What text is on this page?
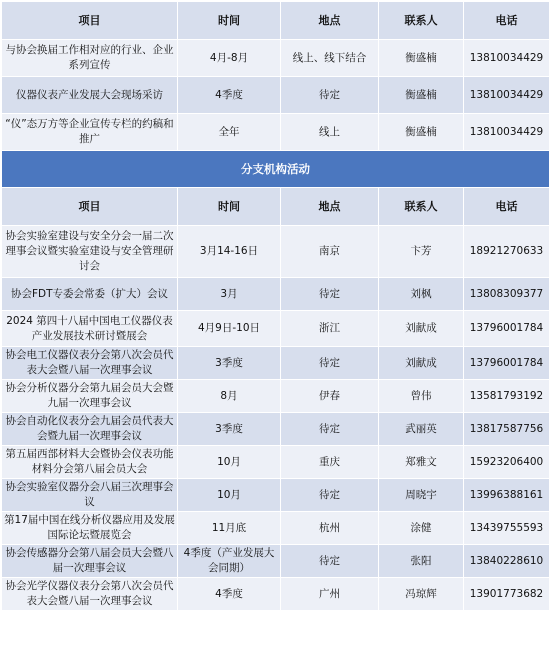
项目	时间	地点	联系人	电话
与协会换届工作相对应的行业、企业系列宣传	4月-8月	线上、线下结合	衡盛楠	13810034429
仪器仪表产业发展大会现场采访	4季度	待定	衡盛楠	13810034429
“仪”态万方等企业宣传专栏的约稿和推广	全年	线上	衡盛楠	13810034429
分支机构活动				
项目	时间	地点	联系人	电话
协会实验室建设与安全分会一届二次理事会议暨实验室建设与安全管理研讨会	3月14-16日	南京	卞芳	18921270633
协会FDT专委会常委（扩大）会议	3月	待定	刘枫	13808309377
2024 第四十八届中国电工仪器仪表产业发展技术研讨暨展会	4月9日-10日	浙江	刘献成	13796001784
协会电工仪器仪表分会第八次会员代表大会暨八届一次理事会议	3季度	待定	刘献成	13796001784
协会分析仪器分会第九届会员大会暨九届一次理事会议	8月	伊春	曾伟	13581793192
协会自动化仪表分会九届会员代表大会暨九届一次理事会议	3季度	待定	武丽英	13817587756
第五届西部材料大会暨协会仪表功能材料分会第八届会员大会	10月	重庆	郑雅文	15923206400
协会实验室仪器分会八届三次理事会议	10月	待定	周晓宇	13996388161
第17届中国在线分析仪器应用及发展国际论坛暨展览会	11月底	杭州	涂健	13439755593
协会传感器分会第八届会员大会暨八届一次理事会议	4季度（产业发展大会同期）	待定	张阳	13840228610
协会光学仪器仪表分会第八次会员代表大会暨八届一次理事会议	4季度	广州	冯琼辉	13901773682
